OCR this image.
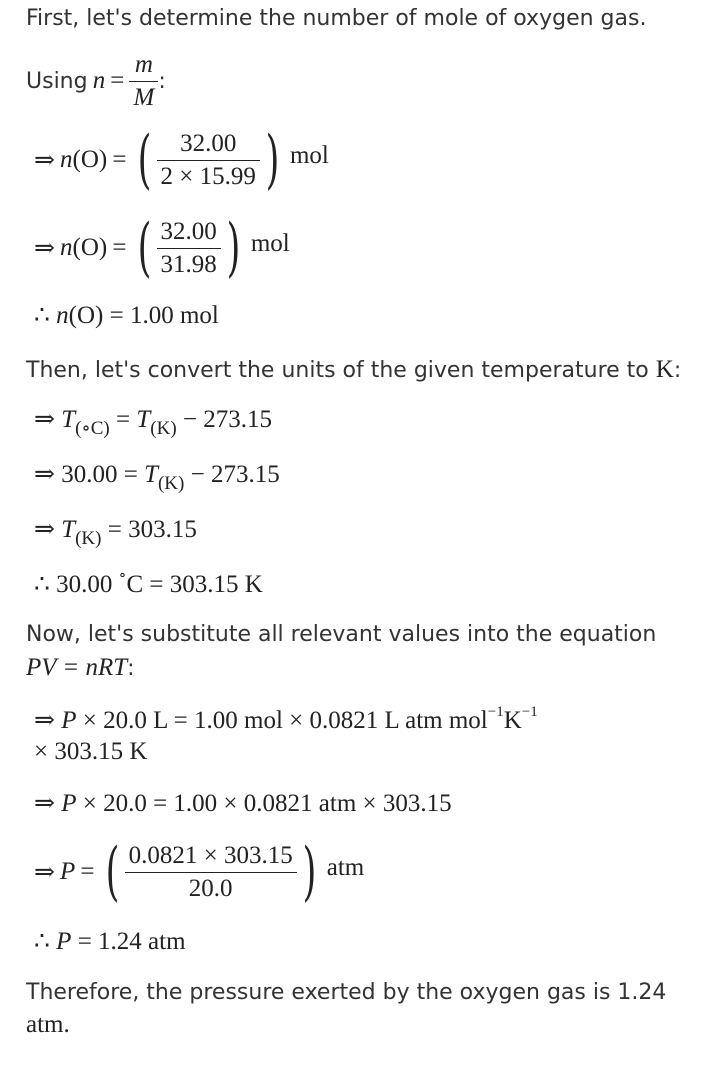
First, let's determine the number of mole of oxygen gas.
Using
n
=
$\frac{m}{M}$ :
⇒
n (O)
=
( $\frac{32.00}{2 \times 15.99}$ )
mol
⇒
n (O)
=
( $\frac{32.00}{31.98}$ )
mol
∴ n(O) = 1.00 mol
Then, let's convert the units of the given temperature to K:
⇒ $T_{(\circ C)} = T_{(K)} - 273.15$
⇒ $30.00 = T_{(K)} - 273.15$
⇒ $T_{(K)} = 303.15$
∴ 30.00 ∘C = 303.15 K
Now, let's substitute all relevant values into the equation
PV = nRT:
⇒ P × 20.0 L = 1.00 mol × 0.0821 L atm $mol^{-1}K^{-1}$
× 303.15 K
⇒ P × 20.0 = 1.00 × 0.0821 atm × 303.15
⇒
P
=
( $\frac{0.0821 \times 303.15}{20.0}$ )
atm
∴ P = 1.24 atm
Therefore, the pressure exerted by the oxygen gas is 1.24
atm.
